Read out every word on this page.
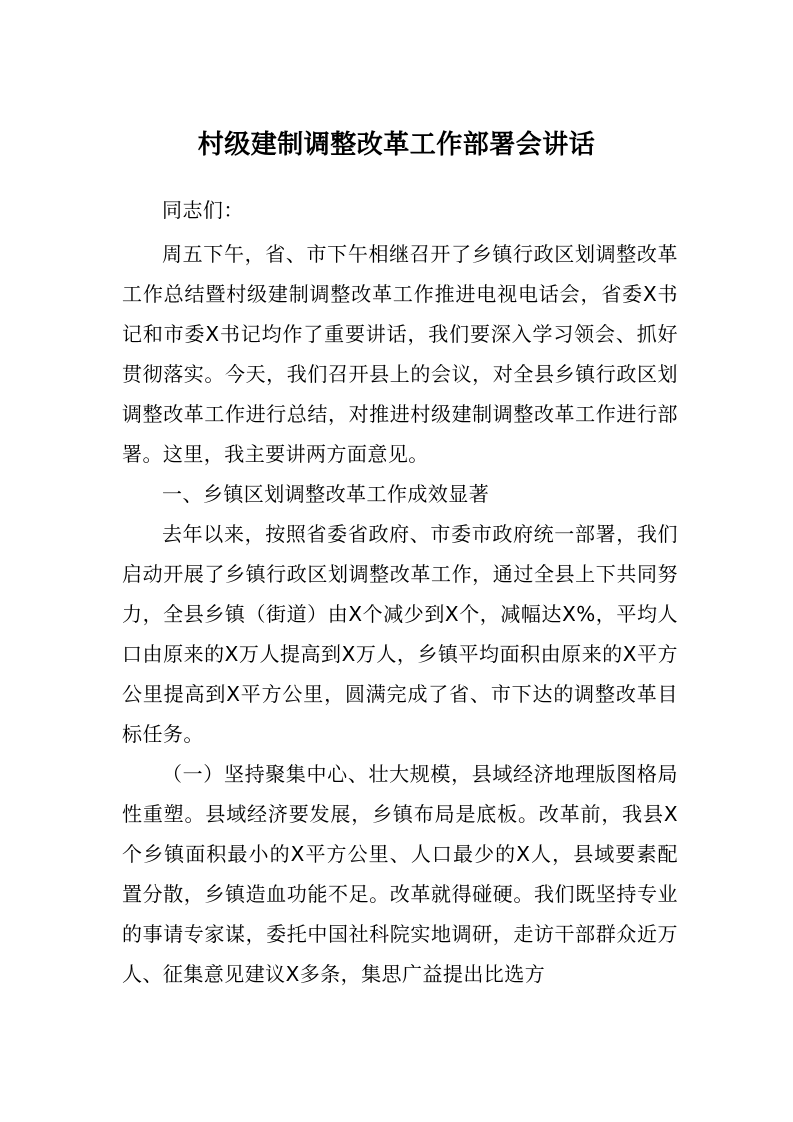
村级建制调整改革工作部署会讲话

同志们：

周五下午，省、市下午相继召开了乡镇行政区划调整改革工作总结暨村级建制调整改革工作推进电视电话会，省委X书记和市委X书记均作了重要讲话，我们要深入学习领会、抓好贯彻落实。今天，我们召开县上的会议，对全县乡镇行政区划调整改革工作进行总结，对推进村级建制调整改革工作进行部署。这里，我主要讲两方面意见。

一、乡镇区划调整改革工作成效显著

去年以来，按照省委省政府、市委市政府统一部署，我们启动开展了乡镇行政区划调整改革工作，通过全县上下共同努力，全县乡镇（街道）由X个减少到X个，减幅达X%，平均人口由原来的X万人提高到X万人，乡镇平均面积由原来的X平方公里提高到X平方公里，圆满完成了省、市下达的调整改革目标任务。

（一）坚持聚集中心、壮大规模，县域经济地理版图格局性重塑。县域经济要发展，乡镇布局是底板。改革前，我县X个乡镇面积最小的X平方公里、人口最少的X人，县域要素配置分散，乡镇造血功能不足。改革就得碰硬。我们既坚持专业的事请专家谋，委托中国社科院实地调研，走访干部群众近万人、征集意见建议X多条，集思广益提出比选方
